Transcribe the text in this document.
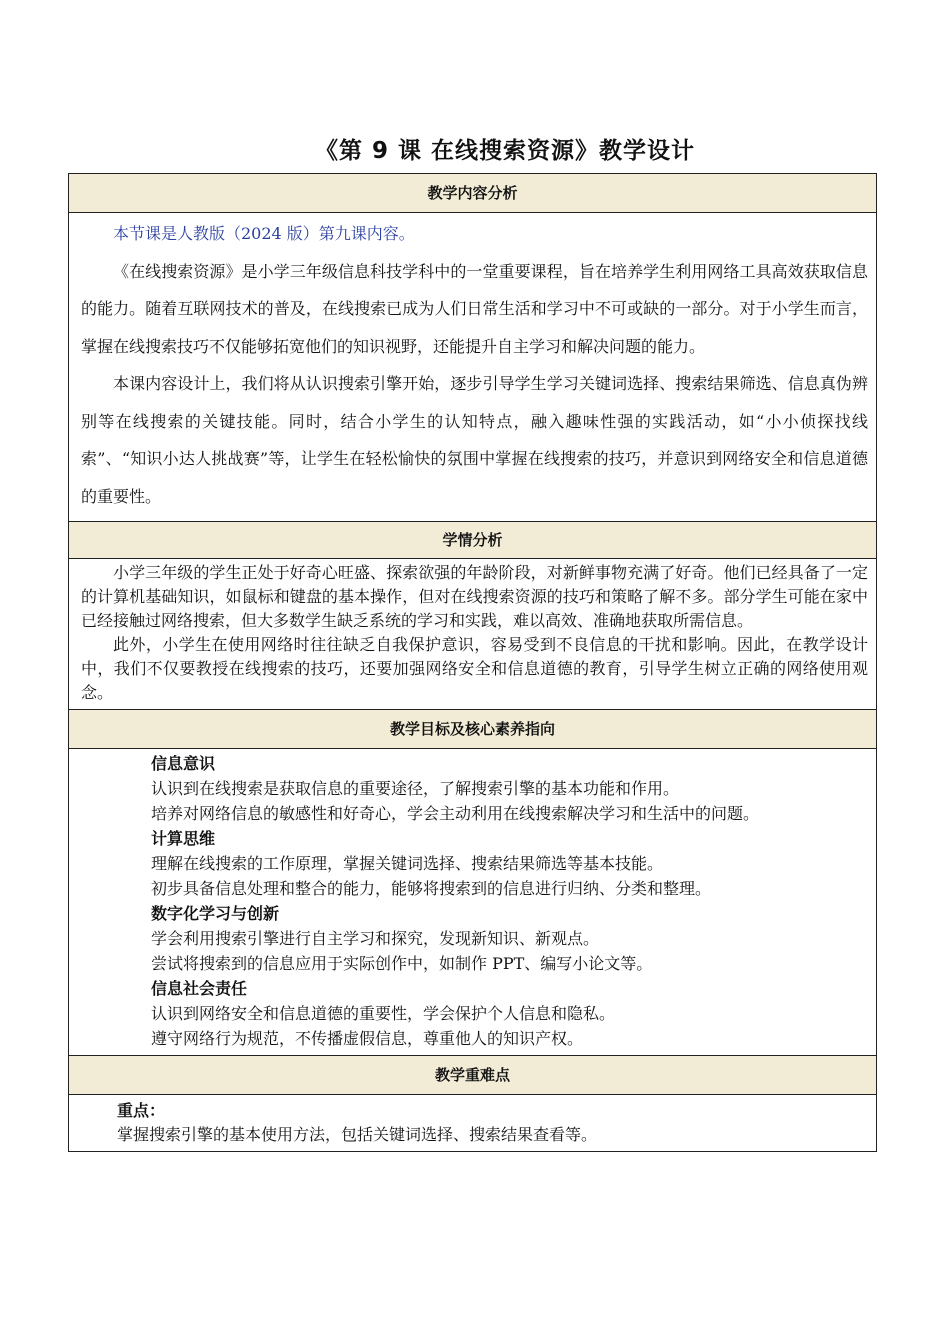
《第 9 课 在线搜索资源》教学设计
教学内容分析

本节课是人教版（2024 版）第九课内容。

《在线搜索资源》是小学三年级信息科技学科中的一堂重要课程，旨在培养学生利用网络工具高效获取信息的能力。随着互联网技术的普及，在线搜索已成为人们日常生活和学习中不可或缺的一部分。对于小学生而言，掌握在线搜索技巧不仅能够拓宽他们的知识视野，还能提升自主学习和解决问题的能力。

本课内容设计上，我们将从认识搜索引擎开始，逐步引导学生学习关键词选择、搜索结果筛选、信息真伪辨别等在线搜索的关键技能。同时，结合小学生的认知特点，融入趣味性强的实践活动，如“小小侦探找线索”、“知识小达人挑战赛”等，让学生在轻松愉快的氛围中掌握在线搜索的技巧，并意识到网络安全和信息道德的重要性。

学情分析

小学三年级的学生正处于好奇心旺盛、探索欲强的年龄阶段，对新鲜事物充满了好奇。他们已经具备了一定的计算机基础知识，如鼠标和键盘的基本操作，但对在线搜索资源的技巧和策略了解不多。部分学生可能在家中已经接触过网络搜索，但大多数学生缺乏系统的学习和实践，难以高效、准确地获取所需信息。

此外，小学生在使用网络时往往缺乏自我保护意识，容易受到不良信息的干扰和影响。因此，在教学设计中，我们不仅要教授在线搜索的技巧，还要加强网络安全和信息道德的教育，引导学生树立正确的网络使用观念。

教学目标及核心素养指向

信息意识

认识到在线搜索是获取信息的重要途径，了解搜索引擎的基本功能和作用。

培养对网络信息的敏感性和好奇心，学会主动利用在线搜索解决学习和生活中的问题。

计算思维

理解在线搜索的工作原理，掌握关键词选择、搜索结果筛选等基本技能。

初步具备信息处理和整合的能力，能够将搜索到的信息进行归纳、分类和整理。

数字化学习与创新

学会利用搜索引擎进行自主学习和探究，发现新知识、新观点。

尝试将搜索到的信息应用于实际创作中，如制作 PPT、编写小论文等。

信息社会责任

认识到网络安全和信息道德的重要性，学会保护个人信息和隐私。

遵守网络行为规范，不传播虚假信息，尊重他人的知识产权。

教学重难点

重点：

掌握搜索引擎的基本使用方法，包括关键词选择、搜索结果查看等。
